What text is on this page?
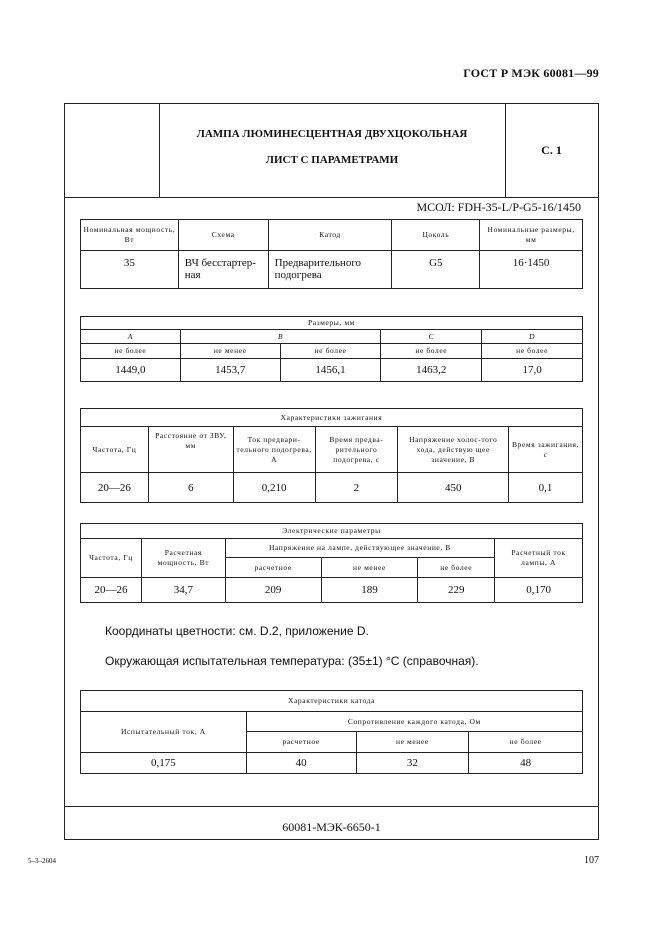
ГОСТ Р МЭК 60081—99
ЛАМПА ЛЮМИНЕСЦЕНТНАЯ ДВУХЦОКОЛЬНАЯ
ЛИСТ С ПАРАМЕТРАМИ
С. 1
МСОЛ: FDH-35-L/P-G5-16/1450
Номинальная мощность, Вт	Схема	Катод	Цоколь	Номинальные размеры, мм
35	ВЧ бесстартер-ная	Предварительного подогрева	G5	16·1450
Размеры, мм				
A	B		C	D
не более	не менее	не более	не более	не более
1449,0	1453,7	1456,1	1463,2	17,0
Характеристики зажигания					
Частота, Гц	Расстояние от ЗВУ, мм	Ток предвари-тельного подогрева, А	Время предва-рительного подогрева, с	Напряжение холос-того хода, действую щее значение, В	Время зажигания, с
20—26	6	0,210	2	450	0,1
Электрические параметры					
Частота, Гц	Расчетная мощность, Вт	Напряжение на лампе, действующее значение, В			Расчетный ток лампы, А
		расчетное	не менее	не более	
20—26	34,7	209	189	229	0,170
Координаты цветности: см. D.2, приложение D.
Окружающая испытательная температура: (35±1) °С (справочная).
Характеристики катода			
Испытательный ток, А	Сопротивление каждого катода, Ом		
	расчетное	не менее	не более
0,175	40	32	48
60081-МЭК-6650-1
5–3–2604	107
